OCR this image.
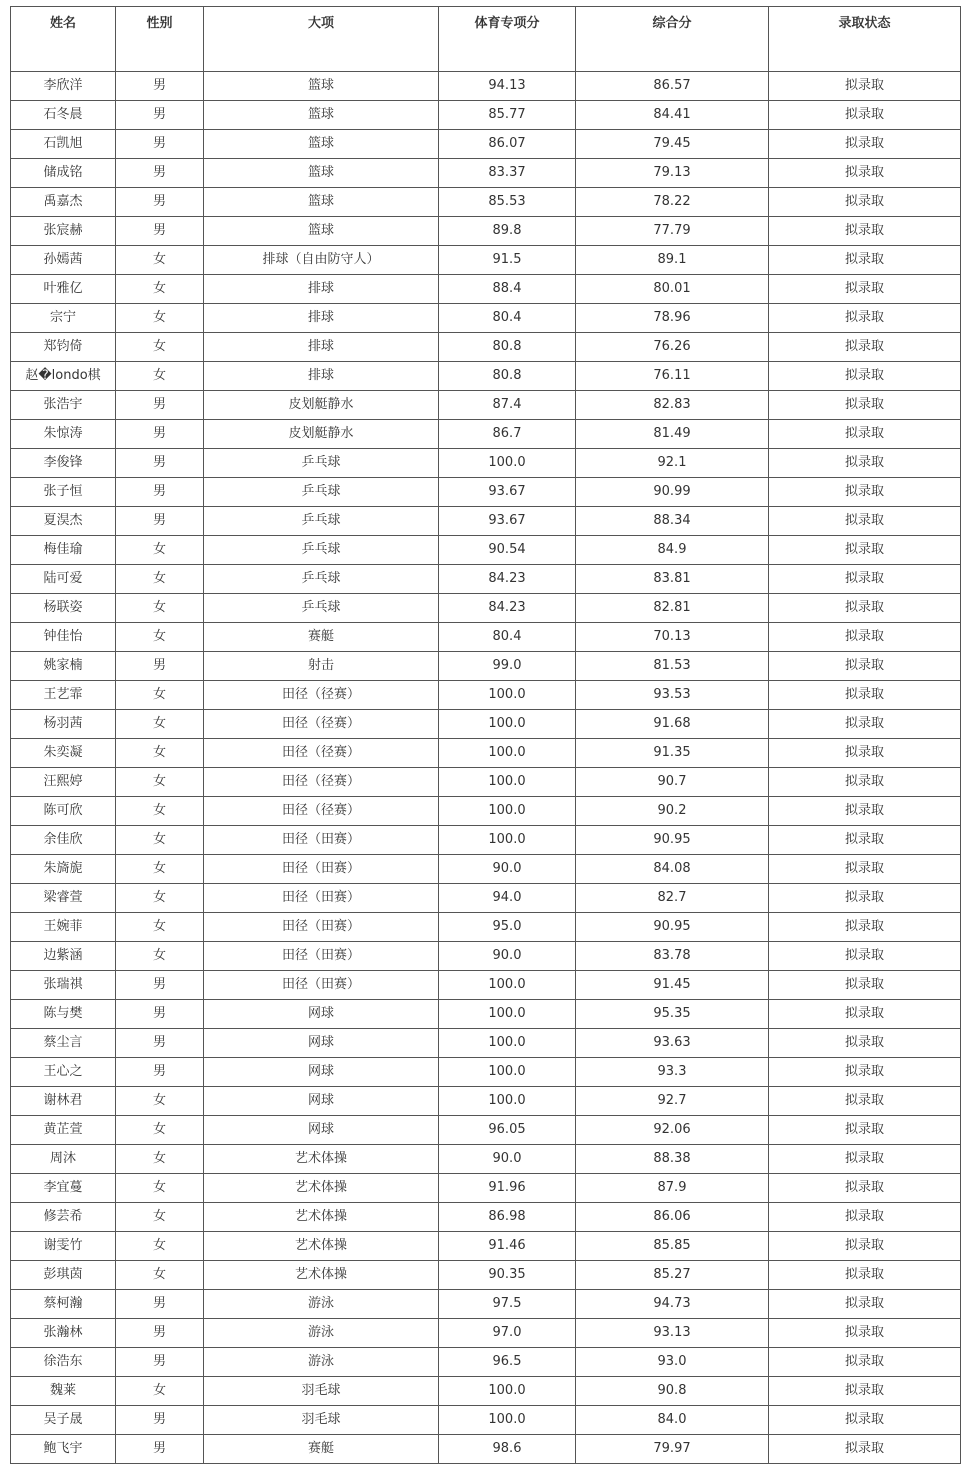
姓名	性别	大项	体育专项分	综合分	录取状态
李欣洋	男	篮球	94.13	86.57	拟录取
石冬晨	男	篮球	85.77	84.41	拟录取
石凯旭	男	篮球	86.07	79.45	拟录取
储成铭	男	篮球	83.37	79.13	拟录取
禹嘉杰	男	篮球	85.53	78.22	拟录取
张宸赫	男	篮球	89.8	77.79	拟录取
孙嫣茜	女	排球（自由防守人）	91.5	89.1	拟录取
叶雅亿	女	排球	88.4	80.01	拟录取
宗宁	女	排球	80.4	78.96	拟录取
郑钧倚	女	排球	80.8	76.26	拟录取
赵�londo棋	女	排球	80.8	76.11	拟录取
张浩宇	男	皮划艇静水	87.4	82.83	拟录取
朱惊涛	男	皮划艇静水	86.7	81.49	拟录取
李俊锋	男	乒乓球	100.0	92.1	拟录取
张子恒	男	乒乓球	93.67	90.99	拟录取
夏淏杰	男	乒乓球	93.67	88.34	拟录取
梅佳瑜	女	乒乓球	90.54	84.9	拟录取
陆可爱	女	乒乓球	84.23	83.81	拟录取
杨联姿	女	乒乓球	84.23	82.81	拟录取
钟佳怡	女	赛艇	80.4	70.13	拟录取
姚家楠	男	射击	99.0	81.53	拟录取
王艺霏	女	田径（径赛）	100.0	93.53	拟录取
杨羽茜	女	田径（径赛）	100.0	91.68	拟录取
朱奕凝	女	田径（径赛）	100.0	91.35	拟录取
汪熙婷	女	田径（径赛）	100.0	90.7	拟录取
陈可欣	女	田径（径赛）	100.0	90.2	拟录取
余佳欣	女	田径（田赛）	100.0	90.95	拟录取
朱旖旎	女	田径（田赛）	90.0	84.08	拟录取
梁睿萱	女	田径（田赛）	94.0	82.7	拟录取
王婉菲	女	田径（田赛）	95.0	90.95	拟录取
边紫涵	女	田径（田赛）	90.0	83.78	拟录取
张瑞祺	男	田径（田赛）	100.0	91.45	拟录取
陈与樊	男	网球	100.0	95.35	拟录取
蔡尘言	男	网球	100.0	93.63	拟录取
王心之	男	网球	100.0	93.3	拟录取
谢林君	女	网球	100.0	92.7	拟录取
黄芷萱	女	网球	96.05	92.06	拟录取
周沐	女	艺术体操	90.0	88.38	拟录取
李宜蔓	女	艺术体操	91.96	87.9	拟录取
修芸希	女	艺术体操	86.98	86.06	拟录取
谢雯竹	女	艺术体操	91.46	85.85	拟录取
彭琪茵	女	艺术体操	90.35	85.27	拟录取
蔡柯瀚	男	游泳	97.5	94.73	拟录取
张瀚林	男	游泳	97.0	93.13	拟录取
徐浩东	男	游泳	96.5	93.0	拟录取
魏莱	女	羽毛球	100.0	90.8	拟录取
吴子晟	男	羽毛球	100.0	84.0	拟录取
鲍飞宇	男	赛艇	98.6	79.97	拟录取
